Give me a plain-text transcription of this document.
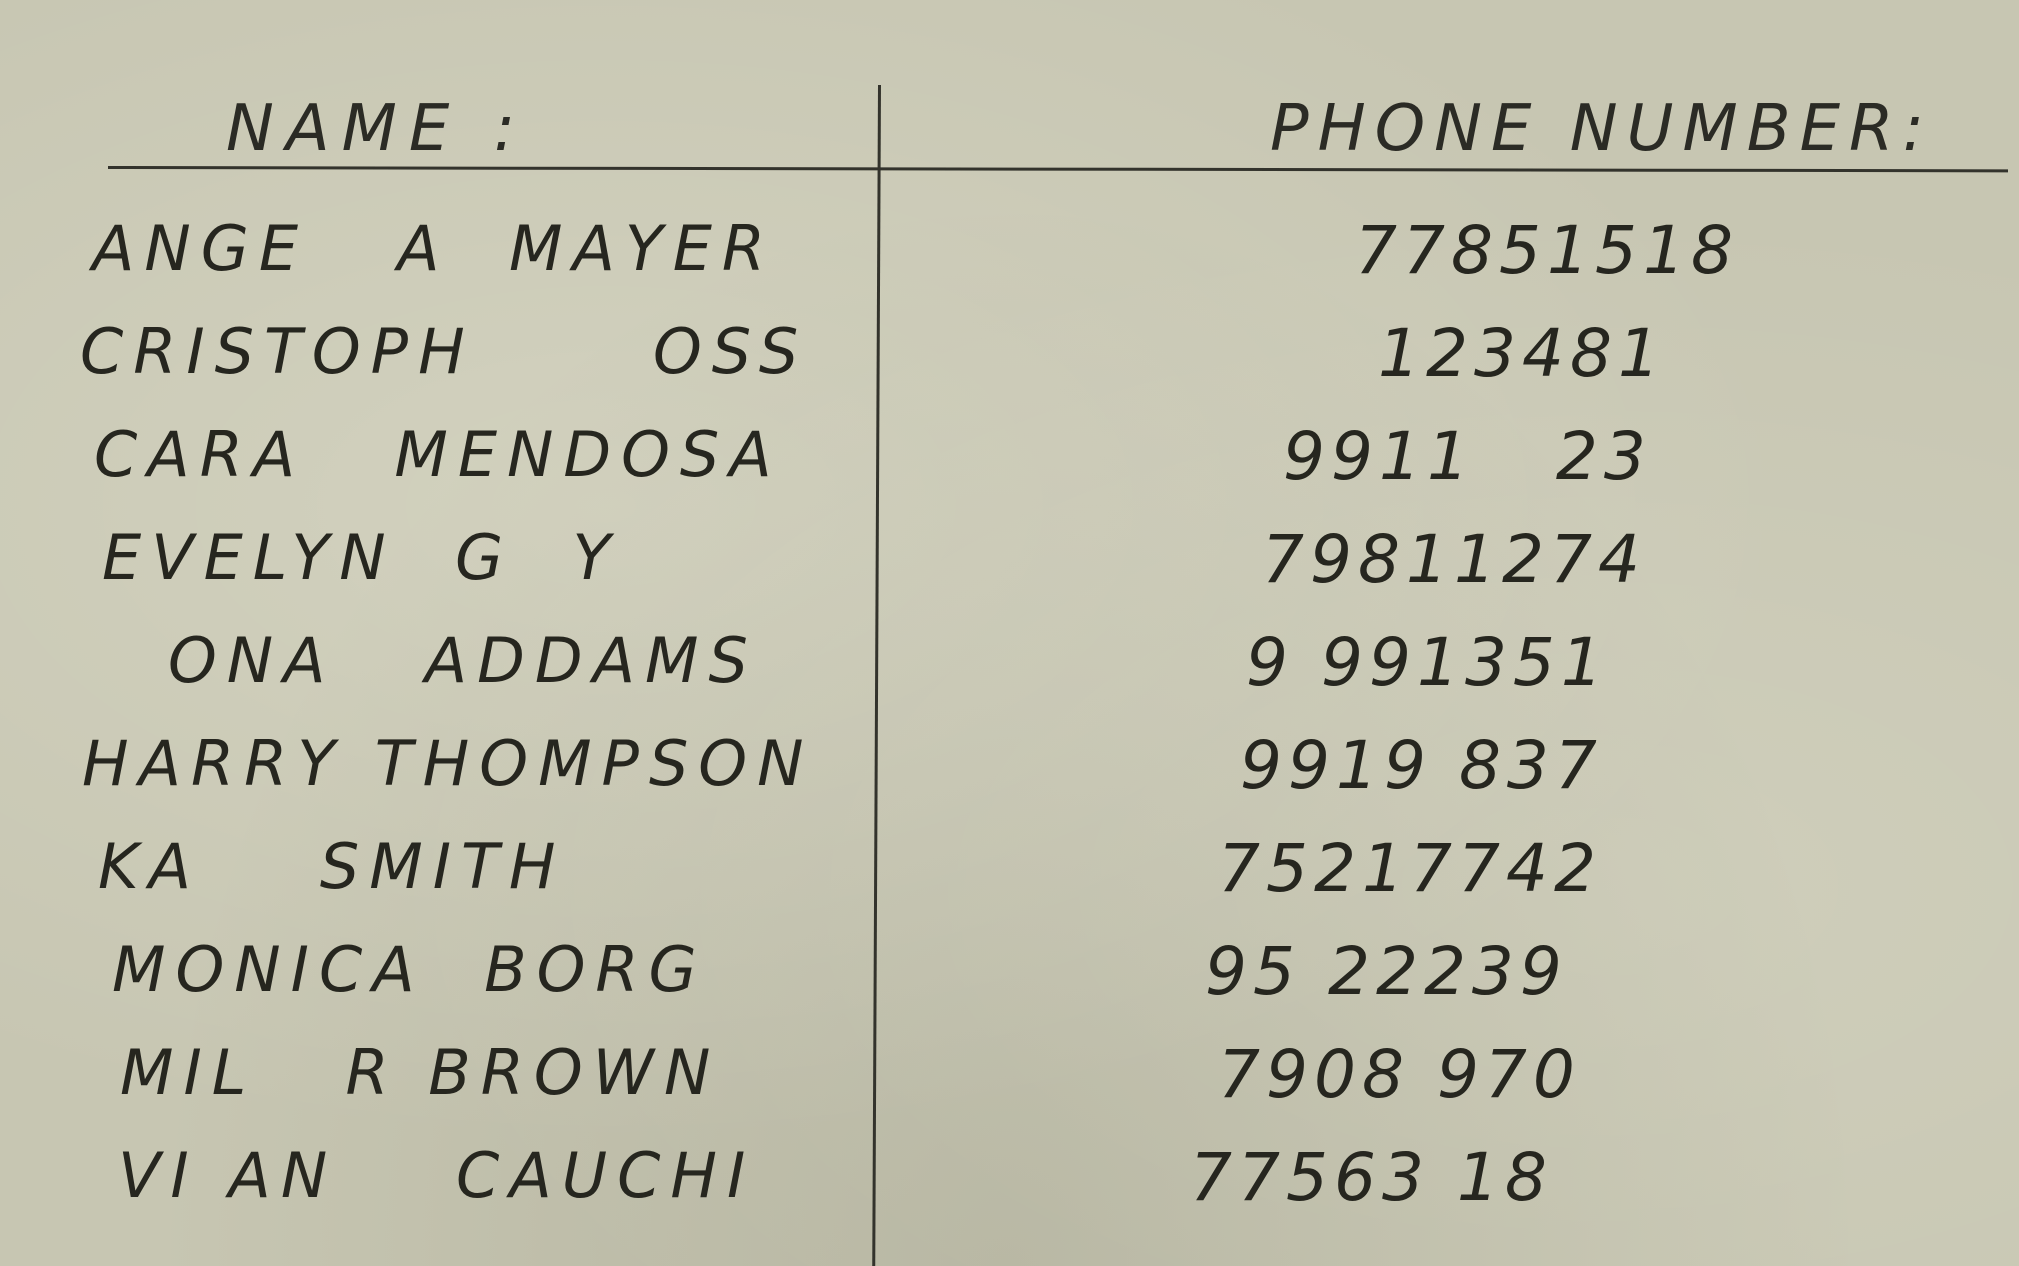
NAME :	PHONE NUMBER:
ANGE   A  MAYER	77851518
CRISTOPH      OSS	123481
CARA   MENDOSA	9911   23
EVELYN  G  Y	79811274
ONA   ADDAMS	9 991351
HARRY THOMPSON	9919 837
KA    SMITH	75217742
MONICA  BORG	95 22239
MIL   R BROWN	7908 970
VI AN    CAUCHI	77563 18
